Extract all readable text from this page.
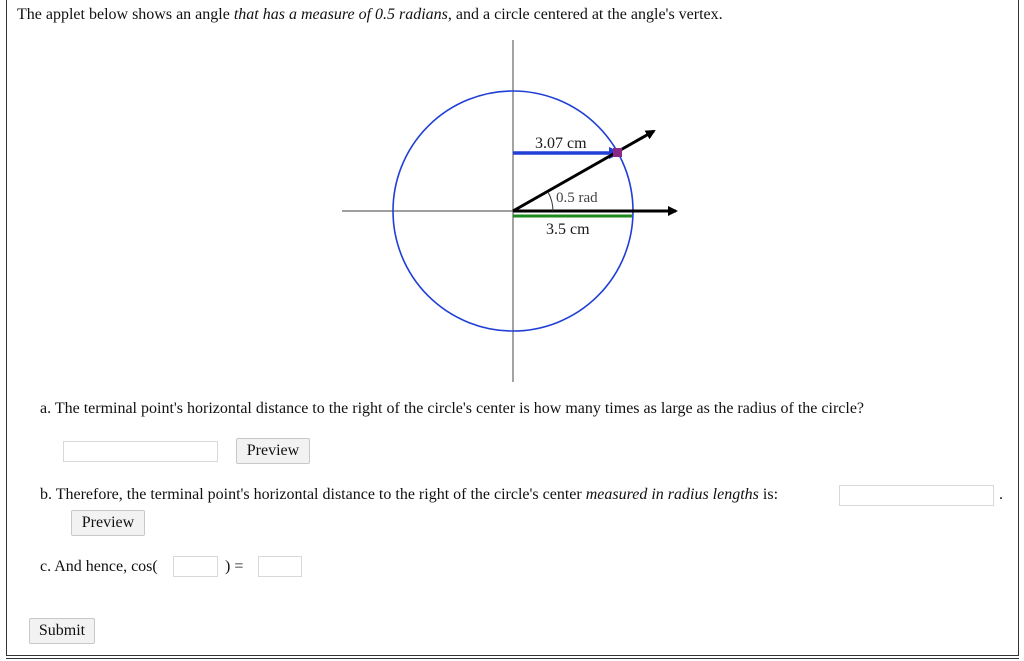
The applet below shows an angle that has a measure of 0.5 radians, and a circle centered at the angle's vertex.
3.07 cm
0.5 rad
3.5 cm
a. The terminal point's horizontal distance to the right of the circle's center is how many times as large as the radius of the circle?
Preview
b. Therefore, the terminal point's horizontal distance to the right of the circle's center measured in radius lengths is:	.
Preview
c. And hence, cos(	) =
Submit
